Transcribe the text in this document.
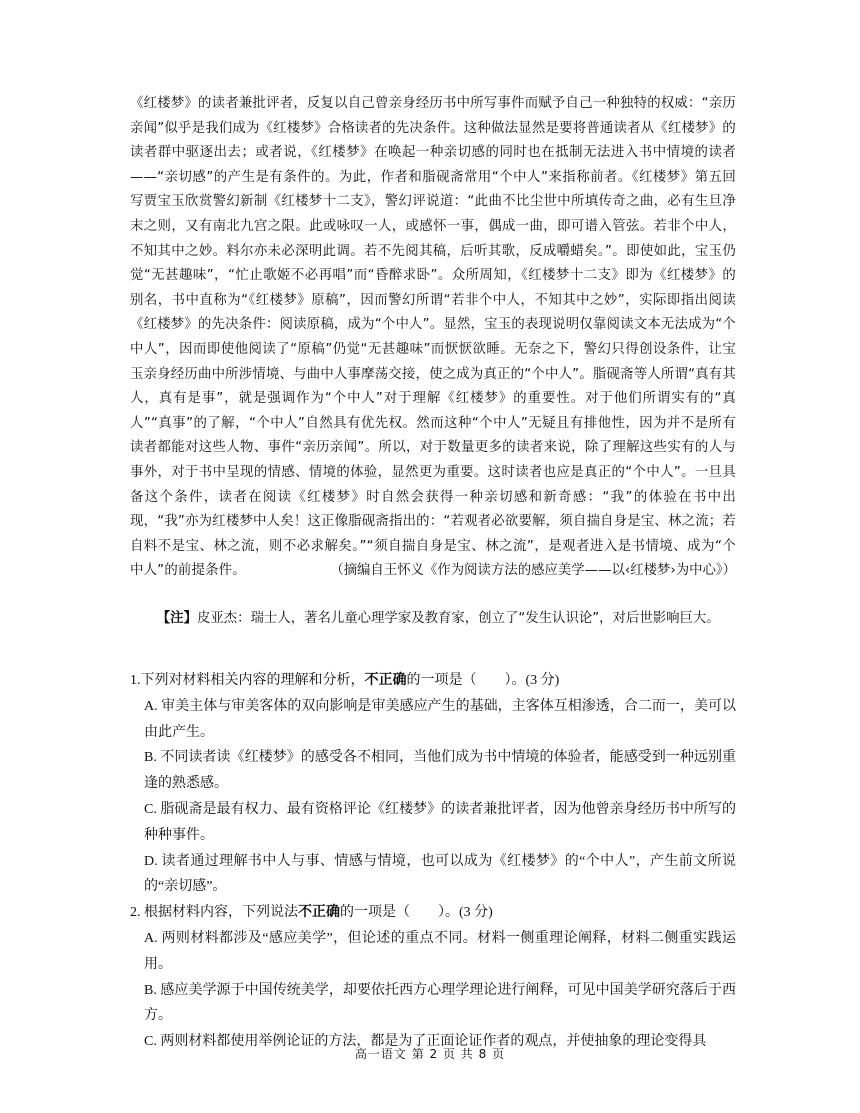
《红楼梦》的读者兼批评者，反复以自己曾亲身经历书中所写事件而赋予自己一种独特的权威：“亲历亲闻”似乎是我们成为《红楼梦》合格读者的先决条件。这种做法显然是要将普通读者从《红楼梦》的读者群中驱逐出去；或者说，《红楼梦》在唤起一种亲切感的同时也在抵制无法进入书中情境的读者——“亲切感”的产生是有条件的。为此，作者和脂砚斋常用“个中人”来指称前者。《红楼梦》第五回写贾宝玉欣赏警幻新制《红楼梦十二支》，警幻评说道：“此曲不比尘世中所填传奇之曲，必有生旦净末之则，又有南北九宫之限。此或咏叹一人，或感怀一事，偶成一曲，即可谱入管弦。若非个中人，不知其中之妙。料尔亦未必深明此调。若不先阅其稿，后听其歌，反成嚼蜡矣。”。即使如此，宝玉仍觉“无甚趣味”，“忙止歌姬不必再唱”而“昏醉求卧”。众所周知，《红楼梦十二支》即为《红楼梦》的别名，书中直称为“《红楼梦》原稿”，因而警幻所谓“若非个中人，不知其中之妙”，实际即指出阅读《红楼梦》的先决条件：阅读原稿，成为“个中人”。显然，宝玉的表现说明仅靠阅读文本无法成为“个中人”，因而即使他阅读了“原稿”仍觉“无甚趣味”而恹恹欲睡。无奈之下，警幻只得创设条件，让宝玉亲身经历曲中所涉情境、与曲中人事摩荡交接，使之成为真正的“个中人”。脂砚斋等人所谓“真有其人，真有是事”，就是强调作为“个中人”对于理解《红楼梦》的重要性。对于他们所谓实有的“真人”“真事”的了解，“个中人”自然具有优先权。然而这种“个中人”无疑且有排他性，因为并不是所有读者都能对这些人物、事件“亲历亲闻”。所以，对于数量更多的读者来说，除了理解这些实有的人与事外，对于书中呈现的情感、情境的体验，显然更为重要。这时读者也应是真正的“个中人”。一旦具备这个条件，读者在阅读《红楼梦》时自然会获得一种亲切感和新奇感：“我”的体验在书中出现，“我”亦为红楼梦中人矣！这正像脂砚斋指出的：“若观者必欲要解，须自揣自身是宝、林之流；若自料不是宝、林之流，则不必求解矣。”“须自揣自身是宝、林之流”，是观者进入是书情境、成为“个中人”的前提条件。	（摘编自王怀义《作为阅读方法的感应美学——以‹红楼梦›为中心》）
【注】皮亚杰：瑞士人，著名儿童心理学家及教育家，创立了“发生认识论”，对后世影响巨大。

1.下列对材料相关内容的理解和分析，不正确的一项是（　　）。(3 分)

A. 审美主体与审美客体的双向影响是审美感应产生的基础，主客体互相渗透，合二而一，美可以由此产生。

B. 不同读者读《红楼梦》的感受各不相同，当他们成为书中情境的体验者，能感受到一种远别重逢的熟悉感。

C. 脂砚斋是最有权力、最有资格评论《红楼梦》的读者兼批评者，因为他曾亲身经历书中所写的种种事件。

D. 读者通过理解书中人与事、情感与情境，也可以成为《红楼梦》的“个中人”，产生前文所说的“亲切感”。

2. 根据材料内容，下列说法不正确的一项是（　　）。(3 分)

A. 两则材料都涉及“感应美学”，但论述的重点不同。材料一侧重理论阐释，材料二侧重实践运用。

B. 感应美学源于中国传统美学，却要依托西方心理学理论进行阐释，可见中国美学研究落后于西方。

C. 两则材料都使用举例论证的方法，都是为了正面论证作者的观点，并使抽象的理论变得具

高一语文 第 2 页 共 8 页
